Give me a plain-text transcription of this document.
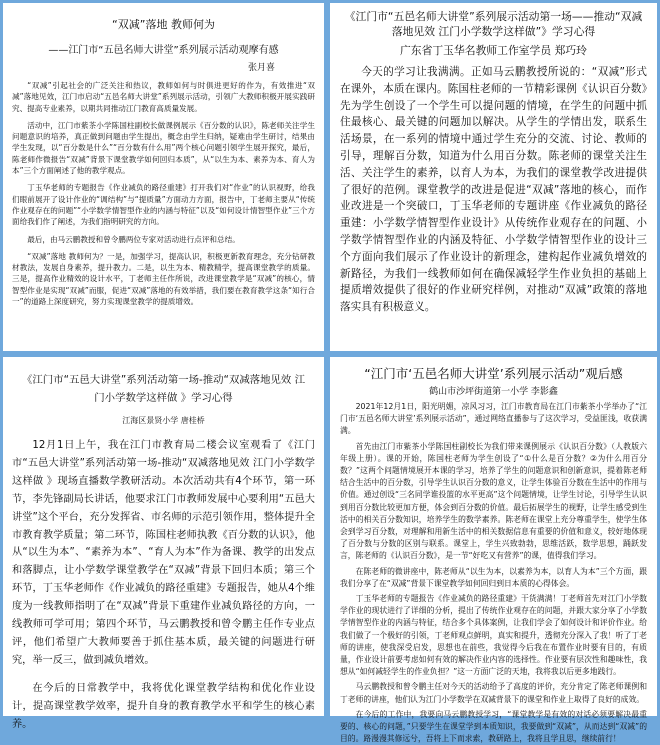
“双减”落地 教师何为

——江门市“五邑名师大讲堂”系列展示活动观摩有感

张月喜

“双减”引起社会的广泛关注和热议，教师如何与时俱进更好的作为，有效推进“双减”落地见效，江门市启动“五邑名师大讲堂”系列展示活动，引领广大教师积极开展实践研究、提高专业素养，以期共同推动江门教育高质量发展。

活动中，江门市紫茶小学陈国柱副校长做课例展示《百分数的认识》，陈老师关注学生问题意识的培养，真正做到问题由学生提出，概念由学生归纳，疑难由学生研讨，结果由学生发现，以“百分数是什么”“百分数有什么用”两个核心问题引领学生展开探究，最后，陈老师作微报告“双减”背景下课堂教学如何回归本质”，从“以生为本、素养为本、育人为本”三个方面阐述了他的教学观点。

丁玉华老师的专题报告《作业减负的路径重建》打开我们对“作业”的认识视野，给我们眼前展开了设计作业的“调结构”与“提质量”方面动力方面，报告中，丁老师主要从“传统作业观存在的问题”“小学数学情智型作业的内涵与特征”以及“如何设计情智型作业”三个方面给我们作了阐述，为我们指明研究的方向。

最后，由马云鹏教授和曾令鹏两位专家对活动进行点评和总结。

“双减”落地 教师何为？一是，加强学习，提高认识，积极更新教育理念，充分钻研教材教法，发展自身素养，提升教力。二是，以生为本、精教精学，提高课堂教学的质量。三是，提高作业精效的设计水平，丁老师主任作所说，改进课堂教学是“双减”的核心，情智型作业是实现“双减”而服，促进“双减”落地的有效举措，我们要在教育教学这条“知行合一”的道路上深度研究，努力实现课堂教学的提质增效。

《江门市“五邑名师大讲堂”系列展示活动第一场——推动“双减落地见效 江门小学数学这样做”》学习心得

广东省丁玉华名教师工作室学员 郑巧玲

今天的学习让我满满。正如马云鹏教授所说的：“双减”形式在课外，本质在课内。陈国柱老师的一节精彩课例《认识百分数》先为学生创设了一个学生可以提问题的情境，在学生的问题中抓住最核心、最关键的问题加以解决。从学生的学情出发，联系生活场景，在一系列的情境中通过学生充分的交流、讨论、教师的引导，理解百分数，知道为什么用百分数。陈老师的课堂关注生活、关注学生的素养，以育人为本，为我们的课堂教学改进提供了很好的范例。课堂教学的改进是促进“双减”落地的核心，而作业改进是一个突破口，丁玉华老师的专题讲座《作业减负的路径重建：小学数学情智型作业设计》从传统作业观存在的问题、小学数学情智型作业的内涵及特征、小学数学情智型作业的设计三个方面向我们展示了作业设计的新理念，建构起作业减负增效的新路径，为我们一线教师如何在确保减轻学生作业负担的基础上提质增效提供了很好的作业研究样例，对推动“双减”政策的落地落实具有积极意义。

《江门市“五邑大讲堂”系列活动第一场-推动“双减落地见效 江

门小学数学这样做 》学习心得

江海区景贤小学 唐桂桥

12月1日上午，我在江门市教育局二楼会议室观看了《江门市“五邑大讲堂”系列活动第一场-推动“双减落地见效 江门小学数学这样做 》现场直播数学教研活动。本次活动共有4个环节，第一环节，李先锋副局长讲话，他要求江门市教师发展中心要利用“五邑大讲堂”这个平台，充分发挥省、市名师的示范引领作用，整体提升全市教育教学质量；第二环节，陈国柱老师执教《百分数的认识》，他从“以生为本”、“素养为本”、“育人为本”作为备课、教学的出发点和落脚点，让小学数学课堂教学在“双减”背景下回归本质；第三个环节，丁玉华老师作《作业减负的路径重建》专题报告，她从4个维度为一线教师指明了在“双减”背景下重建作业减负路径的方向，一线教师可学可用；第四个环节，马云鹏教授和曾令鹏主任作专业点评，他们希望广大教师要善于抓住基本质，最关键的问题进行研究，举一反三，做到减负增效。

在今后的日常教学中，我将优化课堂教学结构和优化作业设计，提高课堂教学效率，提升自身的教育教学水平和学生的核心素养。

“江门市‘五邑名师大讲堂’系列展示活动”观后感

鹤山市沙坪街道第一小学 李影鑫

2021年12月1日，阳光明媚，凉风习习，江门市教育局在江门市紫茶小学举办了“江门市‘五邑名师大讲堂’系列展示活动”，通过网络直播参与了这次学习，受益匪浅，收获满满。

首先由江门市紫茶小学陈国柱副校长为我们带来课例展示《认识百分数》（人教版六年级上册）。课的开始，陈国柱老师为学生创设了“①什么是百分数？②为什么用百分数？”这两个问题情境展开本课的学习，培养了学生的问题意识和创新意识，提着陈老师结合生活中的百分数，引导学生认识百分数的意义，让学生体验百分数在生活中的作用与价值。通过创设“三名同学谁投篮的水平更高”这个问题情境，让学生讨论，引导学生认识到用百分数比较更加方便，体会到百分数的价值。最后拓展学生的视野，让学生感受到生活中的相关百分数知识，培养学生的数学素养。陈老师在课堂上充分尊重学生，使学生体会到学习百分数，对理解和用新生活中的相关数据信息有重要的价值和意义，较好地体现了百分数与分数的区别与联系。课堂上，学生兴致勃勃，思维活跃，数学思想，踊跃发言，陈老师的《认识百分数》，是一节“好吃又有营养”的课，值得我们学习。

在陈老师的微讲座中，陈老师从“以生为本，以素养为本，以育人为本”三个方面，跟我们分享了在“双减”背景下课堂教学如何回归到日本质的心得体会。

丁玉华老师的专题报告《作业减负的路径重建》干货满满！丁老师首先对江门小学数学作业的现状进行了详细的分析，提出了传统作业观存在的问题，并跟大家分享了小学数学情智型作业的内涵与特征，结合多个具体案例，让我们学会了如何设计和评价作业。给我们做了一个极好的引领，丁老师观点鲜明，真实和提升，透彻充分深入了我！听了丁老师的讲座，使我深受启发，思想也在前些，我觉得今后我在布置作业时要有目的，有质量，作业设计前要考虑如何有效的解决作业内容的选择性。作业要有层次性和趣味性，我想从“如何减轻学生的作业负担？”这一方面广泛的天地，我将我以后更多地践行。

马云鹏教授和曾令鹏主任对今天的活动给予了高度的评价，充分肯定了陈老师课例和丁老师的讲座，他们认为江门小学数学在双减背景下的课堂和作业上取得了良好的成效。

在今后的工作中，我要向马云鹏教授学习，“课堂教学是有效的对话必须要解决最重要的、核心的问题，”只要学生在课堂学到本质知识，我要做到“双减”，从而达到“双减”的目的。路漫漫其修远兮，吾将上下而求索，教研路上，我将且学且思，继续前行！
